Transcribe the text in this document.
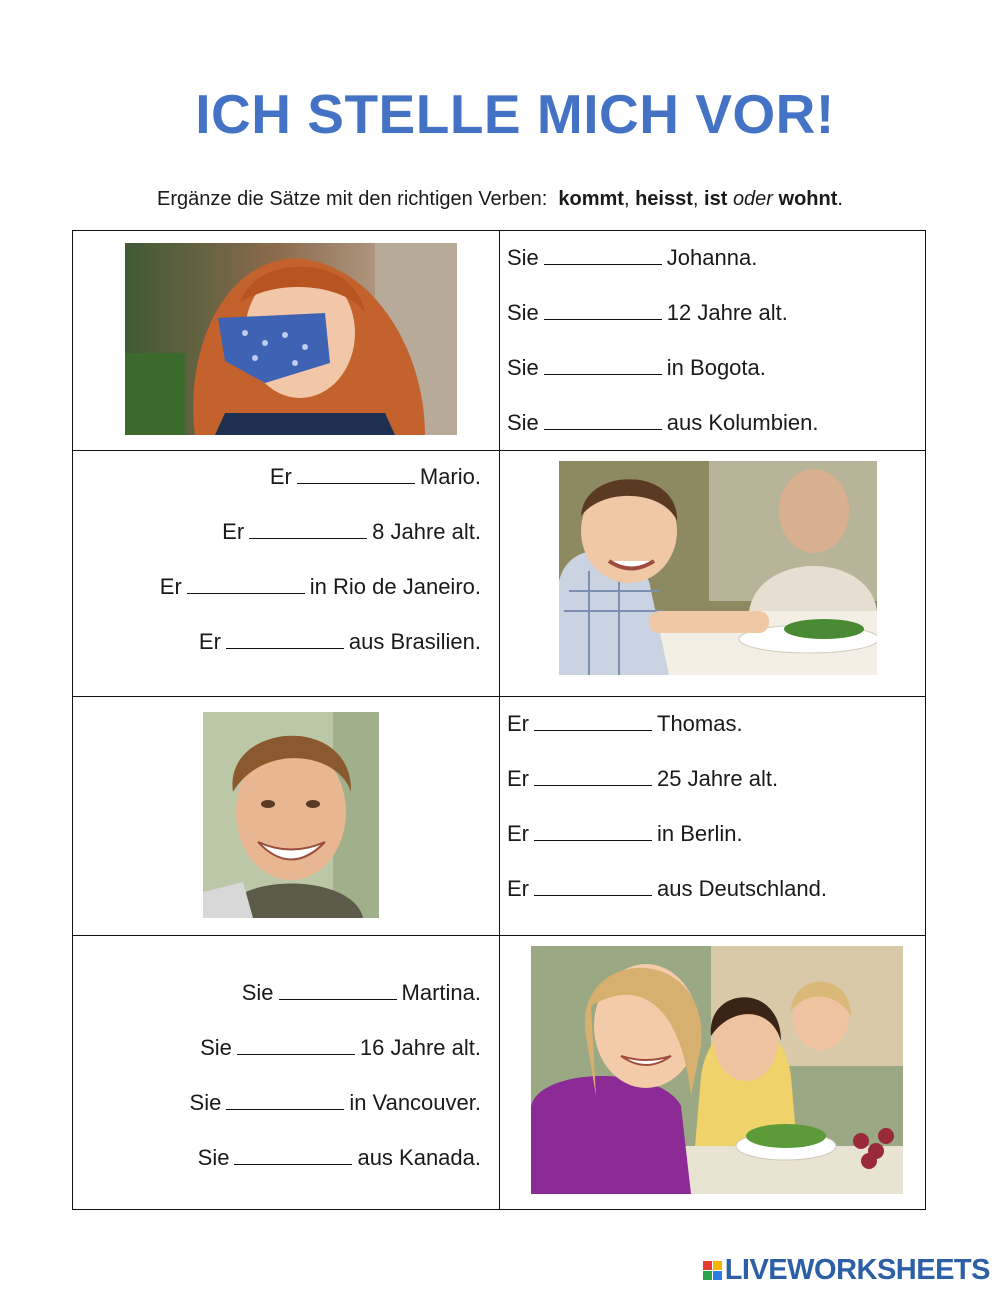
ICH STELLE MICH VOR!
Ergänze die Sätze mit den richtigen Verben: kommt, heisst, ist oder wohnt.
Sie	Johanna.
Sie	12 Jahre alt.
Sie	in Bogota.
Sie	aus Kolumbien.
Er	Mario.
Er	8 Jahre alt.
Er	in Rio de Janeiro.
Er	aus Brasilien.
Er	Thomas.
Er	25 Jahre alt.
Er	in Berlin.
Er	aus Deutschland.
Sie	Martina.
Sie	16 Jahre alt.
Sie	in Vancouver.
Sie	aus Kanada.
LIVEWORKSHEETS
